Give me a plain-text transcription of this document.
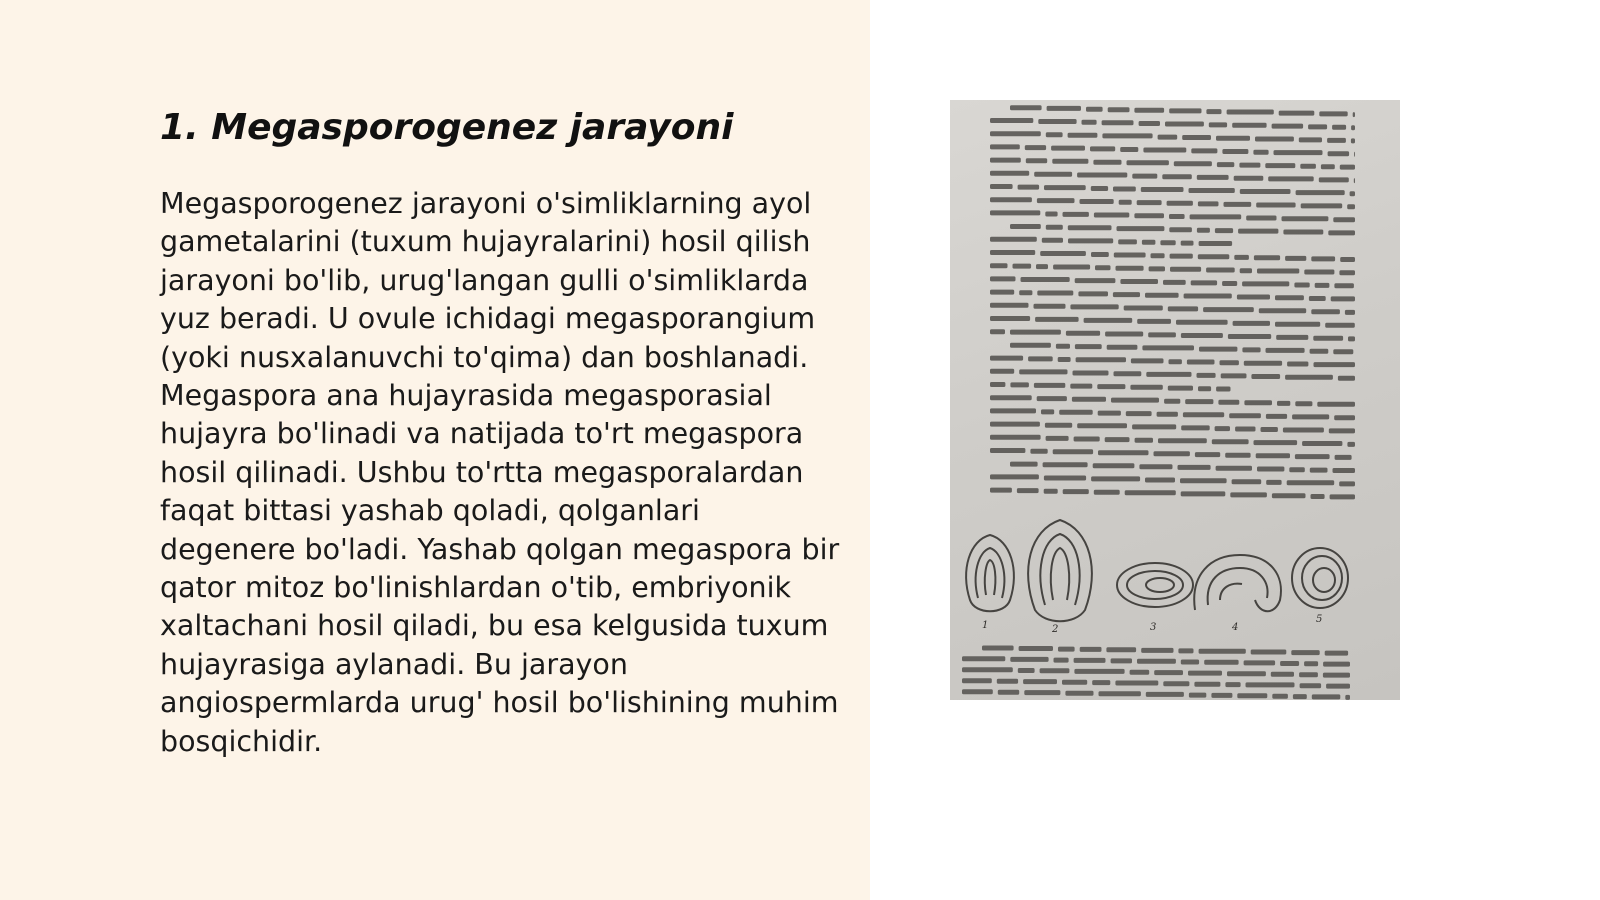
1. Megasporogenez jarayoni

Megasporogenez jarayoni o'simliklarning ayol gametalarini (tuxum hujayralarini) hosil qilish jarayoni bo'lib, urug'langan gulli o'simliklarda yuz beradi. U ovule ichidagi megasporangium (yoki nusxalanuvchi to'qima) dan boshlanadi. Megaspora ana hujayrasida megasporasial hujayra bo'linadi va natijada to'rt megaspora hosil qilinadi. Ushbu to'rtta megasporalardan faqat bittasi yashab qoladi, qolganlari degenere bo'ladi. Yashab qolgan megaspora bir qator mitoz bo'linishlardan o'tib, embriyonik xaltachani hosil qiladi, bu esa kelgusida tuxum hujayrasiga aylanadi. Bu jarayon angiospermlarda urug' hosil bo'lishining muhim bosqichidir.

1	2	3	4
5
